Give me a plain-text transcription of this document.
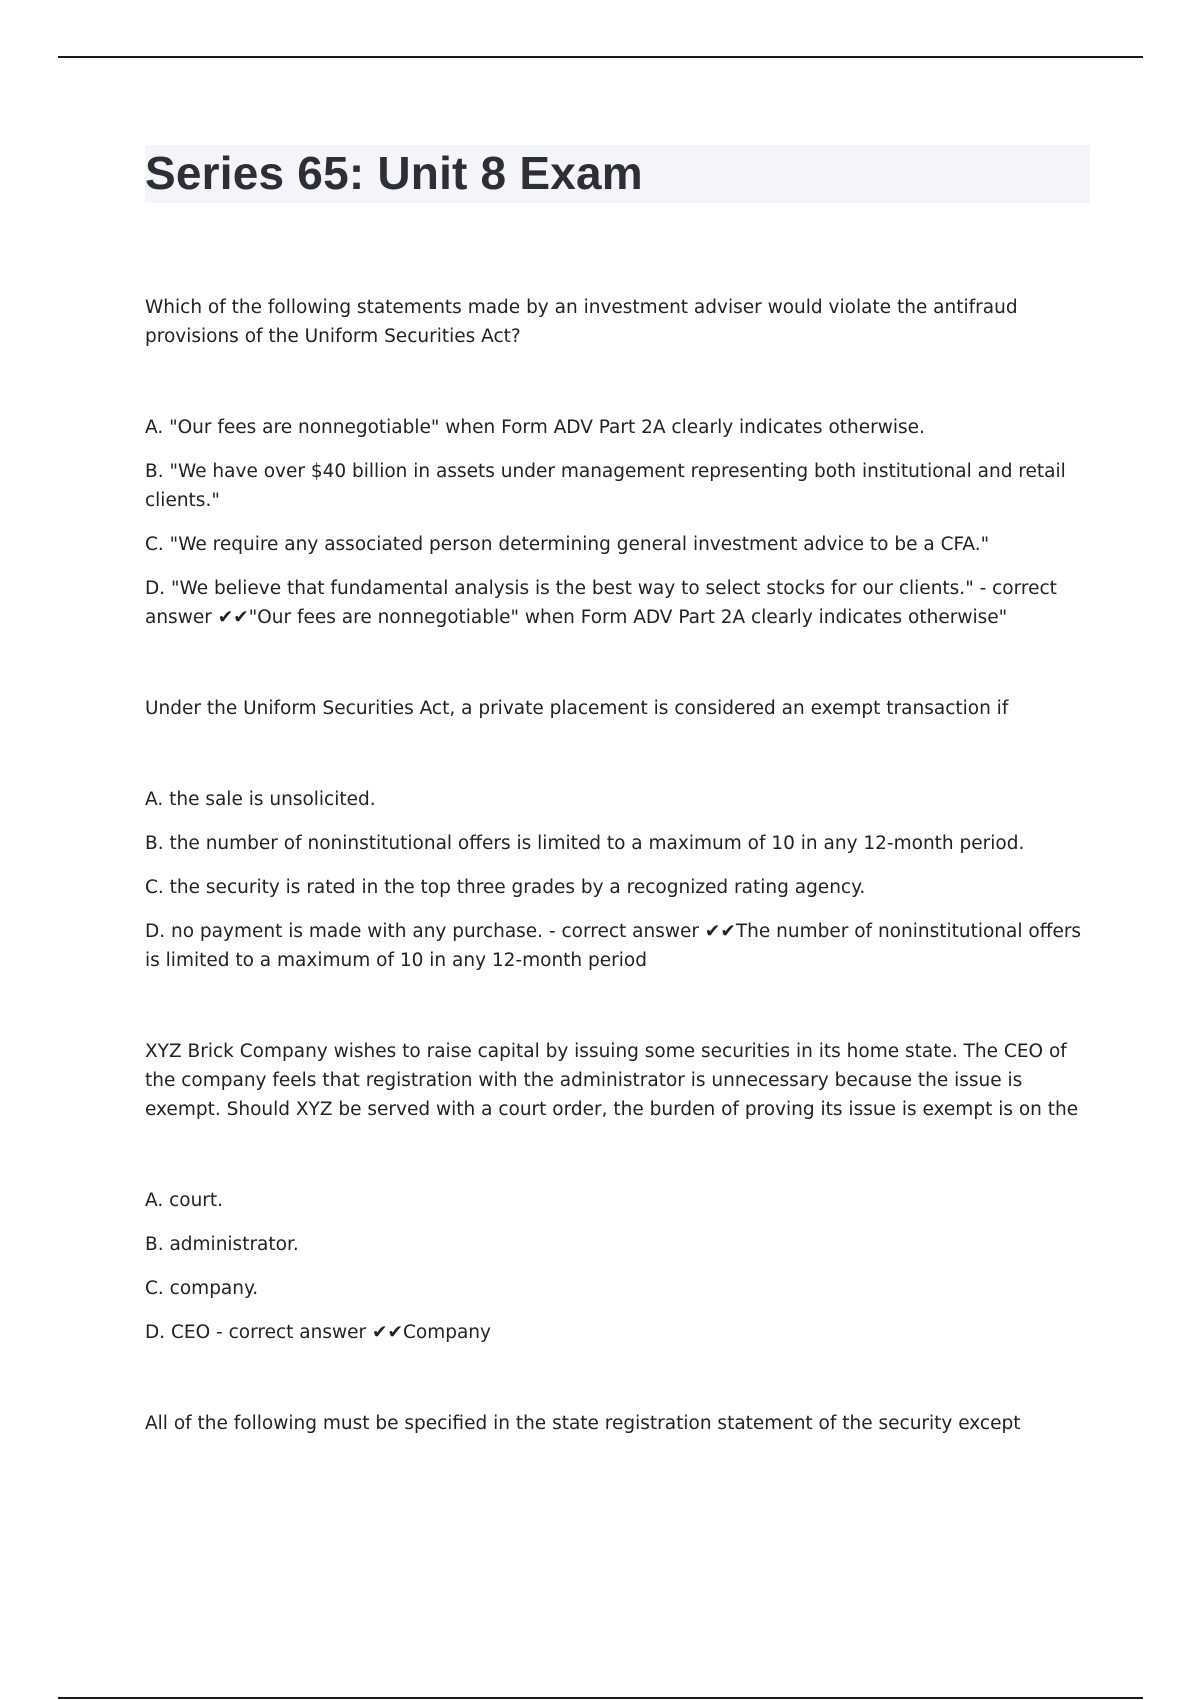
Series 65: Unit 8 Exam

Which of the following statements made by an investment adviser would violate the antifraud provisions of the Uniform Securities Act?

A. "Our fees are nonnegotiable" when Form ADV Part 2A clearly indicates otherwise.

B. "We have over $40 billion in assets under management representing both institutional and retail clients."

C. "We require any associated person determining general investment advice to be a CFA."

D. "We believe that fundamental analysis is the best way to select stocks for our clients." - correct answer ✔✔"Our fees are nonnegotiable" when Form ADV Part 2A clearly indicates otherwise"

Under the Uniform Securities Act, a private placement is considered an exempt transaction if

A. the sale is unsolicited.

B. the number of noninstitutional offers is limited to a maximum of 10 in any 12-month period.

C. the security is rated in the top three grades by a recognized rating agency.

D. no payment is made with any purchase. - correct answer ✔✔The number of noninstitutional offers is limited to a maximum of 10 in any 12-month period

XYZ Brick Company wishes to raise capital by issuing some securities in its home state. The CEO of the company feels that registration with the administrator is unnecessary because the issue is exempt. Should XYZ be served with a court order, the burden of proving its issue is exempt is on the

A. court.

B. administrator.

C. company.

D. CEO - correct answer ✔✔Company

All of the following must be specified in the state registration statement of the security except
